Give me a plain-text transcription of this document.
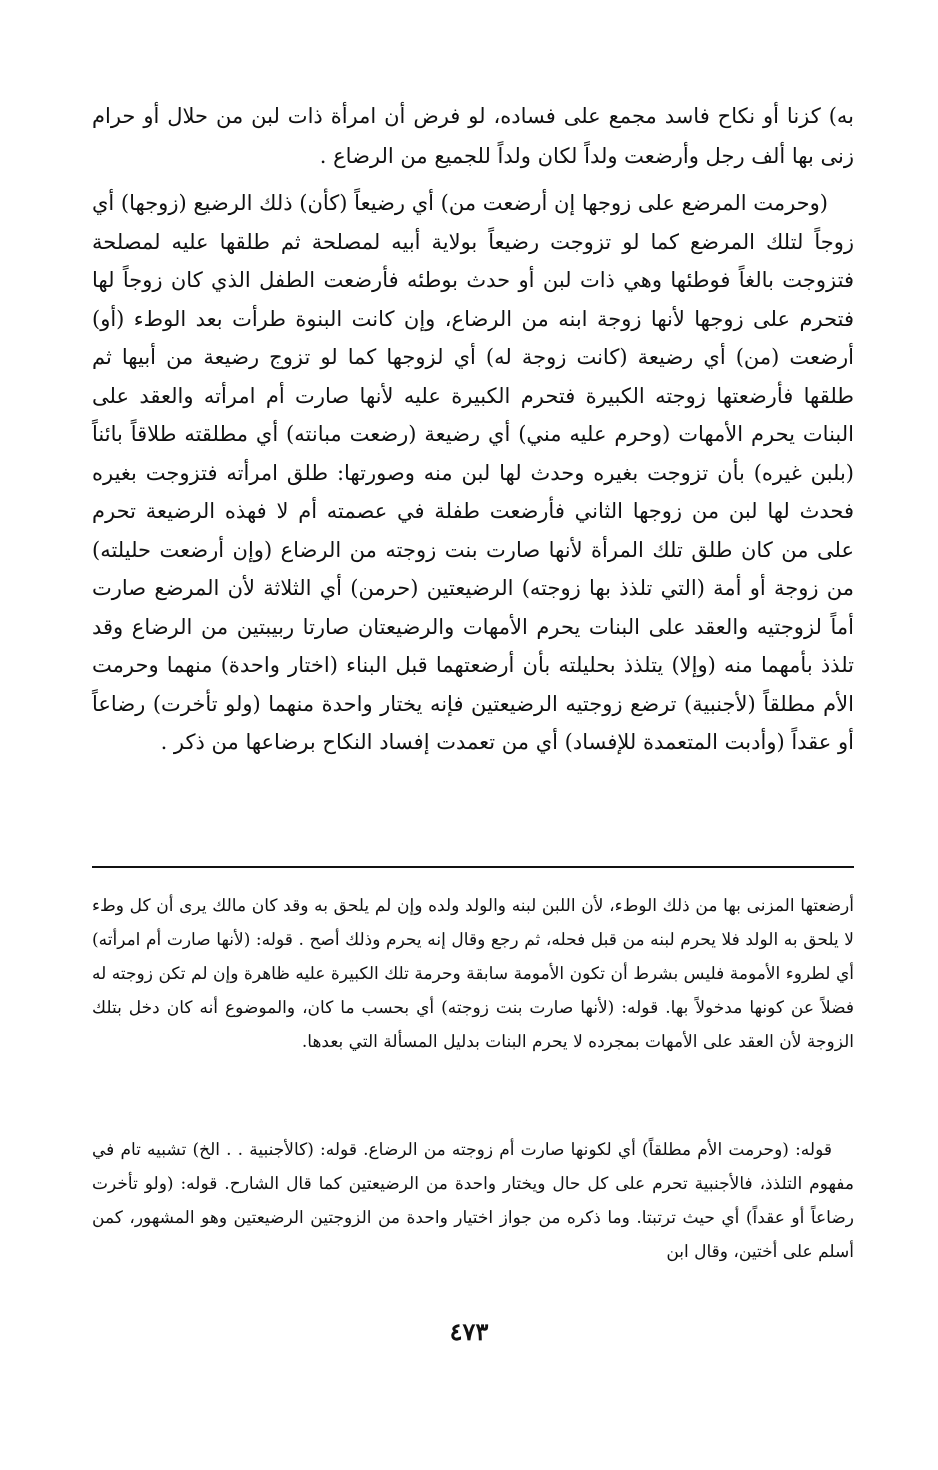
به) كزنا أو نكاح فاسد مجمع على فساده، لو فرض أن امرأة ذات لبن من حلال أو حرام زنى بها ألف رجل وأرضعت ولداً لكان ولداً للجميع من الرضاع .

(وحرمت المرضع على زوجها إن أرضعت من) أي رضيعاً (كأن) ذلك الرضيع (زوجها) أي زوجاً لتلك المرضع كما لو تزوجت رضيعاً بولاية أبيه لمصلحة ثم طلقها عليه لمصلحة فتزوجت بالغاً فوطئها وهي ذات لبن أو حدث بوطئه فأرضعت الطفل الذي كان زوجاً لها فتحرم على زوجها لأنها زوجة ابنه من الرضاع، وإن كانت البنوة طرأت بعد الوطء (أو) أرضعت (من) أي رضيعة (كانت زوجة له) أي لزوجها كما لو تزوج رضيعة من أبيها ثم طلقها فأرضعتها زوجته الكبيرة فتحرم الكبيرة عليه لأنها صارت أم امرأته والعقد على البنات يحرم الأمهات (وحرم عليه مني) أي رضيعة (رضعت مبانته) أي مطلقته طلاقاً بائناً (بلبن غيره) بأن تزوجت بغيره وحدث لها لبن منه وصورتها: طلق امرأته فتزوجت بغيره فحدث لها لبن من زوجها الثاني فأرضعت طفلة في عصمته أم لا فهذه الرضيعة تحرم على من كان طلق تلك المرأة لأنها صارت بنت زوجته من الرضاع (وإن أرضعت حليلته) من زوجة أو أمة (التي تلذذ بها زوجته) الرضيعتين (حرمن) أي الثلاثة لأن المرضع صارت أماً لزوجتيه والعقد على البنات يحرم الأمهات والرضيعتان صارتا ربيبتين من الرضاع وقد تلذذ بأمهما منه (وإلا) يتلذذ بحليلته بأن أرضعتهما قبل البناء (اختار واحدة) منهما وحرمت الأم مطلقاً (لأجنبية) ترضع زوجتيه الرضيعتين فإنه يختار واحدة منهما (ولو تأخرت) رضاعاً أو عقداً (وأدبت المتعمدة للإفساد) أي من تعمدت إفساد النكاح برضاعها من ذكر .

أرضعتها المزنى بها من ذلك الوطء، لأن اللبن لبنه والولد ولده وإن لم يلحق به وقد كان مالك يرى أن كل وطء لا يلحق به الولد فلا يحرم لبنه من قبل فحله، ثم رجع وقال إنه يحرم وذلك أصح . قوله: (لأنها صارت أم امرأته) أي لطروء الأمومة فليس بشرط أن تكون الأمومة سابقة وحرمة تلك الكبيرة عليه ظاهرة وإن لم تكن زوجته له فضلاً عن كونها مدخولاً بها. قوله: (لأنها صارت بنت زوجته) أي بحسب ما كان، والموضوع أنه كان دخل بتلك الزوجة لأن العقد على الأمهات بمجرده لا يحرم البنات بدليل المسألة التي بعدها.

قوله: (وحرمت الأم مطلقاً) أي لكونها صارت أم زوجته من الرضاع. قوله: (كالأجنبية . . الخ) تشبيه تام في مفهوم التلذذ، فالأجنبية تحرم على كل حال ويختار واحدة من الرضيعتين كما قال الشارح. قوله: (ولو تأخرت رضاعاً أو عقداً) أي حيث ترتبتا. وما ذكره من جواز اختيار واحدة من الزوجتين الرضيعتين وهو المشهور، كمن أسلم على أختين، وقال ابن

٤٧٣
